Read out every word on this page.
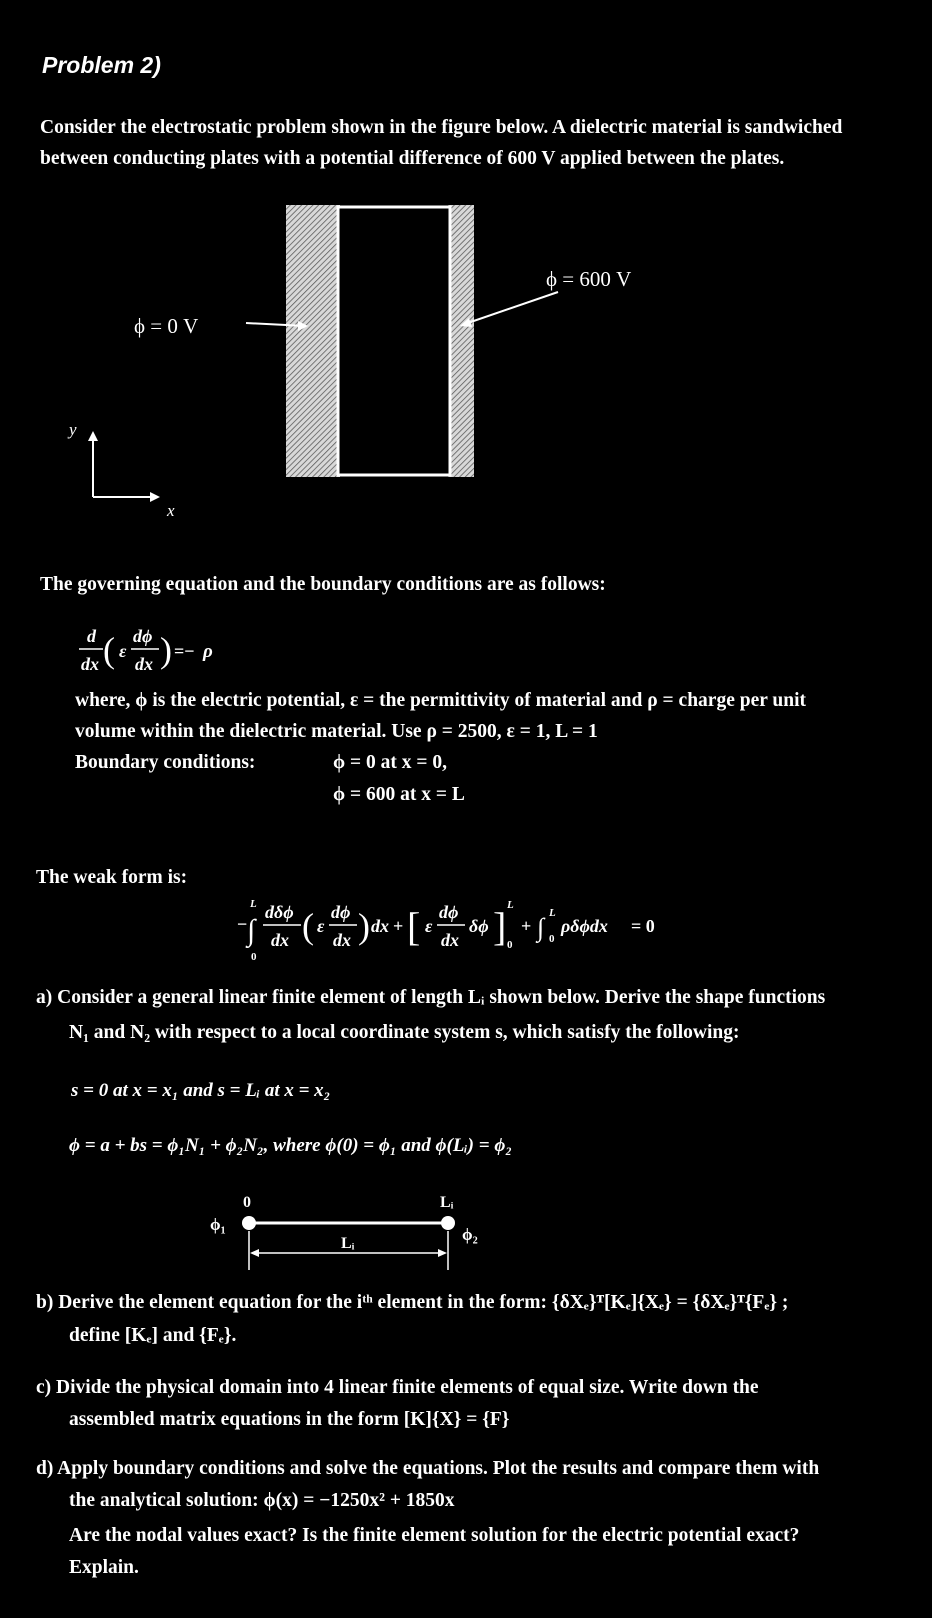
Problem 2)
Consider the electrostatic problem shown in the figure below. A dielectric material is sandwiched
between conducting plates with a potential difference of 600 V applied between the plates.
ϕ = 0 V
ϕ = 600 V
y
x
The governing equation and the boundary conditions are as follows:
d
dx ( ε
dϕ
dx ) =− ρ
where, ϕ is the electric potential, ε = the permittivity of material and ρ = charge per unit
volume within the dielectric material. Use ρ = 2500, ε = 1, L = 1
Boundary conditions:	ϕ = 0 at x = 0,
ϕ = 600 at x = L
The weak form is:
−
L
∫
0
dδϕ
dx ( ε
dϕ
dx ) dx + [ ε
dϕ
dx
δϕ ] L
0
+ ∫ L
0
ρδϕdx = 0
a) Consider a general linear finite element of length Lᵢ shown below. Derive the shape functions
N₁ and N₂ with respect to a local coordinate system s, which satisfy the following:
s = 0 at x = x₁ and s = Lᵢ at x = x₂
ϕ = a + bs = ϕ₁N₁ + ϕ₂N₂, where ϕ(0) = ϕ₁ and ϕ(Lᵢ) = ϕ₂
0	Lᵢ
Lᵢ
ϕ₁
ϕ₂
b) Derive the element equation for the iᵗʰ element in the form: {δXₑ}ᵀ[Kₑ]{Xₑ} = {δXₑ}ᵀ{Fₑ} ;
define [Kₑ] and {Fₑ}.
c) Divide the physical domain into 4 linear finite elements of equal size. Write down the
assembled matrix equations in the form [K]{X} = {F}
d) Apply boundary conditions and solve the equations. Plot the results and compare them with
the analytical solution: ϕ(x) = −1250x² + 1850x
Are the nodal values exact? Is the finite element solution for the electric potential exact?
Explain.
